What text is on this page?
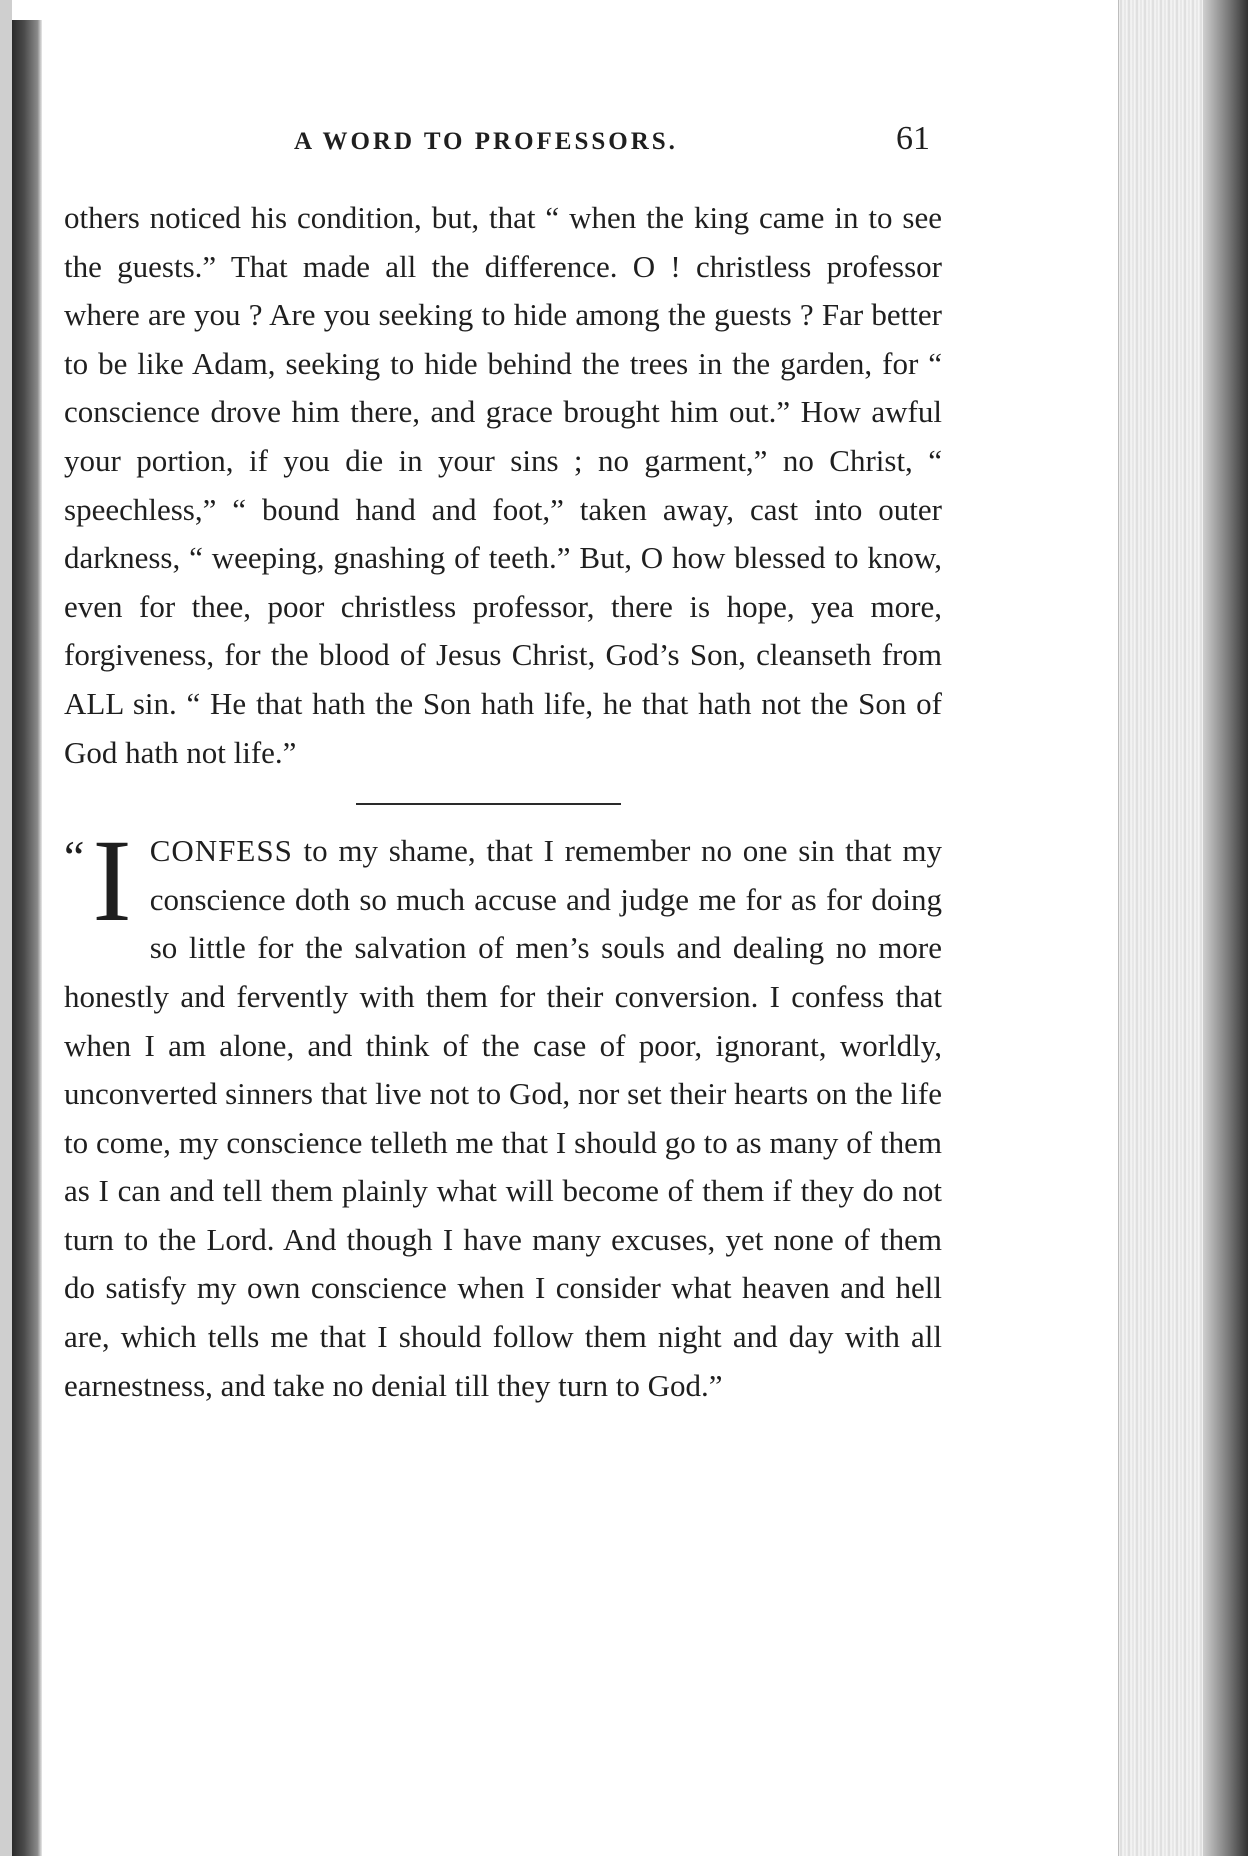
A WORD TO PROFESSORS.	61

others noticed his condition, but, that “ when the king came in to see the guests.” That made all the difference. O ! christless professor where are you ? Are you seeking to hide among the guests ? Far better to be like Adam, seeking to hide behind the trees in the garden, for “ conscience drove him there, and grace brought him out.” How awful your portion, if you die in your sins ; no garment,” no Christ, “ speechless,” “ bound hand and foot,” taken away, cast into outer darkness, “ weeping, gnashing of teeth.” But, O how blessed to know, even for thee, poor christless professor, there is hope, yea more, forgiveness, for the blood of Jesus Christ, God’s Son, cleanseth from ALL sin. “ He that hath the Son hath life, he that hath not the Son of God hath not life.”

“ I CONFESS to my shame, that I remember no one sin that my conscience doth so much accuse and judge me for as for doing so little for the salvation of men’s souls and dealing no more honestly and fervently with them for their conversion. I confess that when I am alone, and think of the case of poor, ignorant, worldly, unconverted sinners that live not to God, nor set their hearts on the life to come, my conscience telleth me that I should go to as many of them as I can and tell them plainly what will become of them if they do not turn to the Lord. And though I have many excuses, yet none of them do satisfy my own conscience when I consider what heaven and hell are, which tells me that I should follow them night and day with all earnestness, and take no denial till they turn to God.”
